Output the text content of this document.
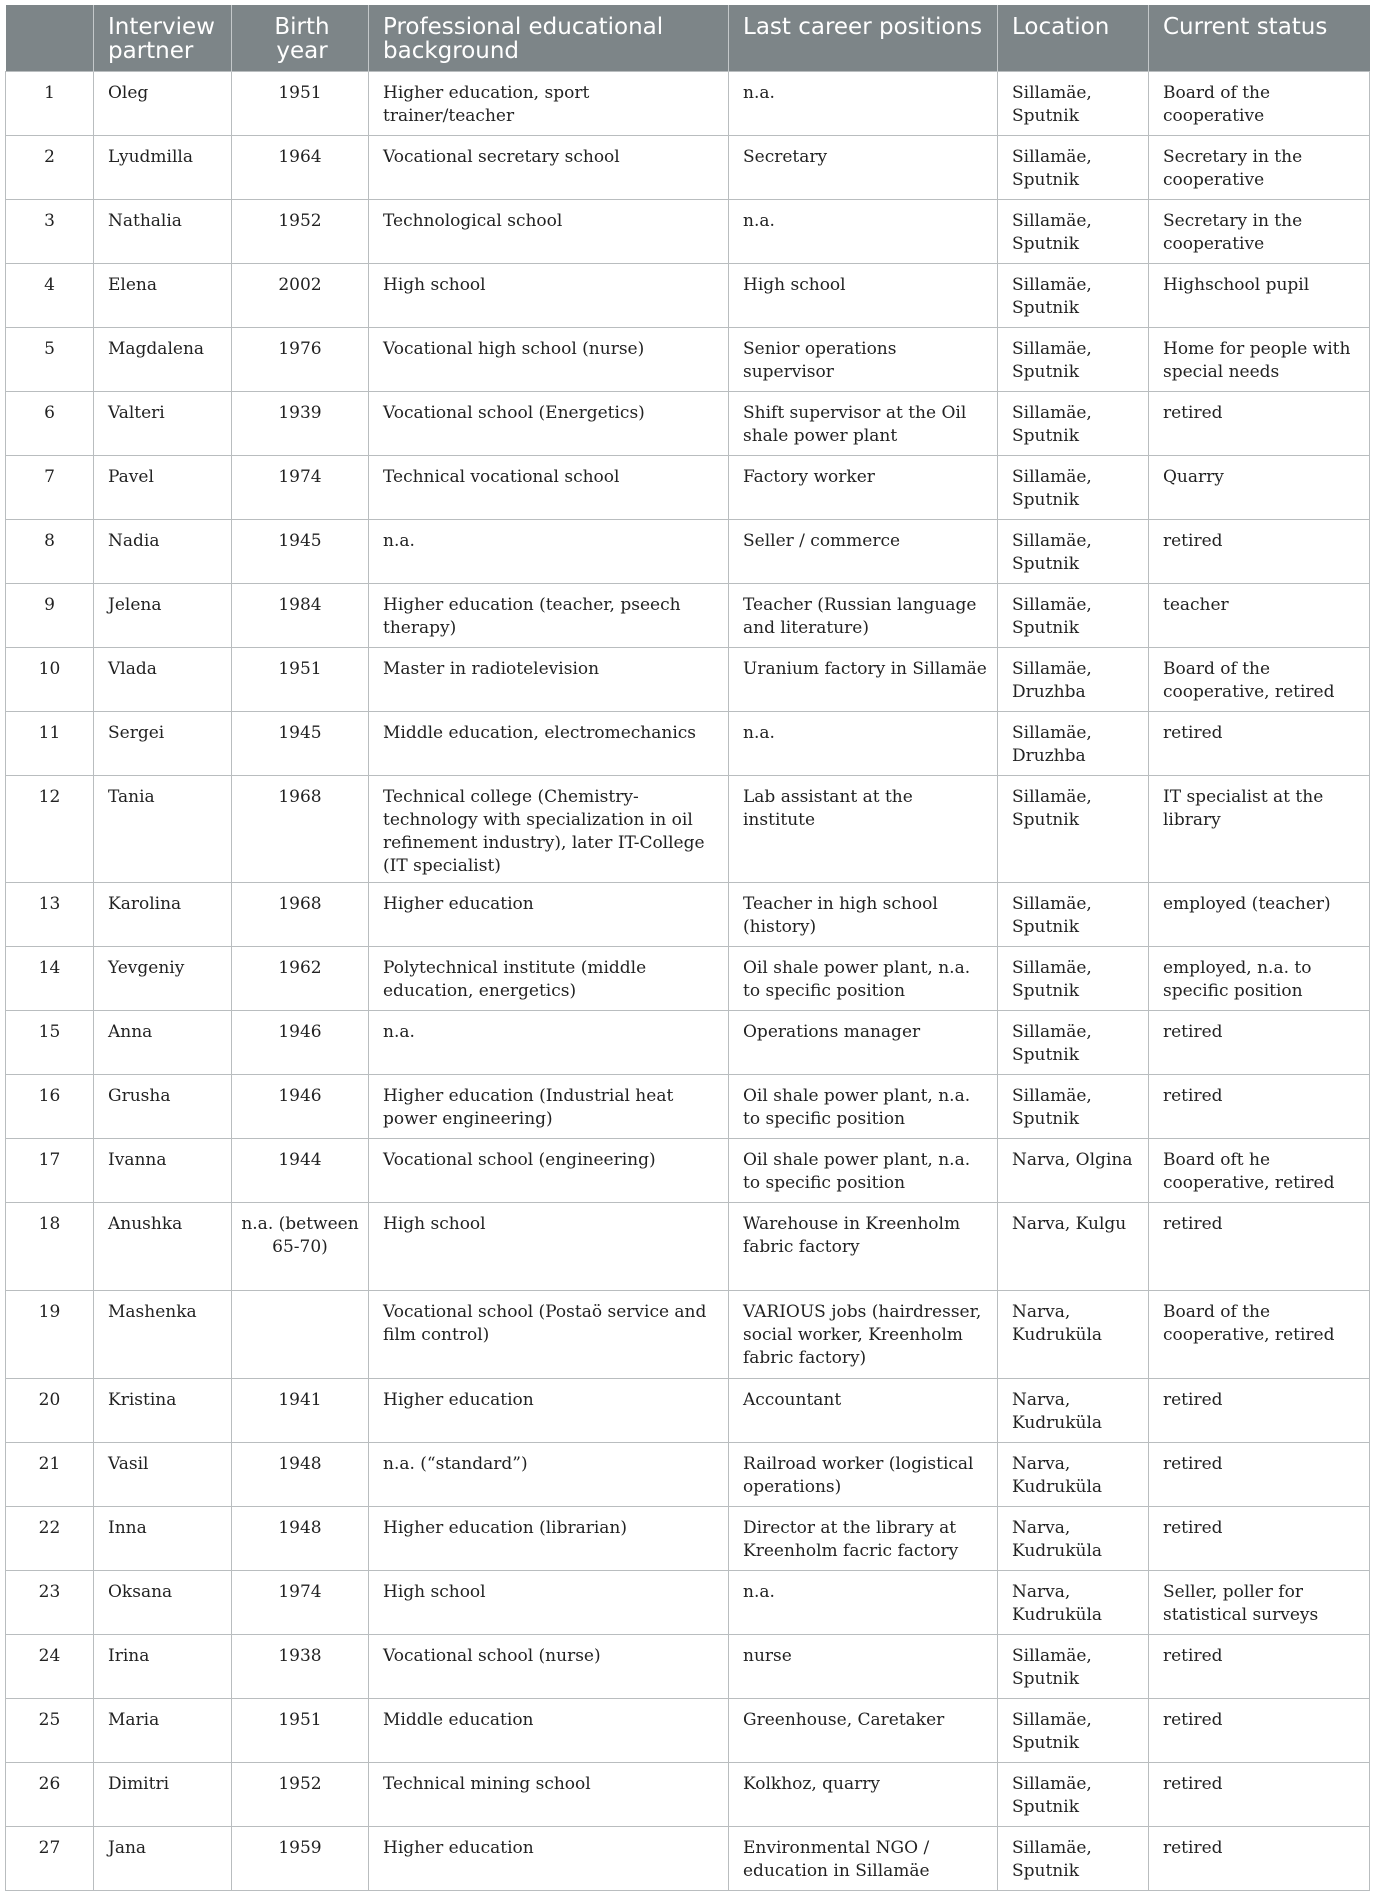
	Interview partner	Birth year	Professional educational background	Last career positions	Location	Current status
1	Oleg	1951	Higher education, sport trainer/teacher	n.a.	Sillamäe, Sputnik	Board of the cooperative
2	Lyudmilla	1964	Vocational secretary school	Secretary	Sillamäe, Sputnik	Secretary in the cooperative
3	Nathalia	1952	Technological school	n.a.	Sillamäe, Sputnik	Secretary in the cooperative
4	Elena	2002	High school	High school	Sillamäe, Sputnik	Highschool pupil
5	Magdalena	1976	Vocational high school (nurse)	Senior operations supervisor	Sillamäe, Sputnik	Home for people with special needs
6	Valteri	1939	Vocational school (Energetics)	Shift supervisor at the Oil shale power plant	Sillamäe, Sputnik	retired
7	Pavel	1974	Technical vocational school	Factory worker	Sillamäe, Sputnik	Quarry
8	Nadia	1945	n.a.	Seller / commerce	Sillamäe, Sputnik	retired
9	Jelena	1984	Higher education (teacher, pseech therapy)	Teacher (Russian language and literature)	Sillamäe, Sputnik	teacher
10	Vlada	1951	Master in radiotelevision	Uranium factory in Sillamäe	Sillamäe, Druzhba	Board of the cooperative, retired
11	Sergei	1945	Middle education, electromechanics	n.a.	Sillamäe, Druzhba	retired
12	Tania	1968	Technical college (Chemistry-technology with specialization in oil refinement industry), later IT-College (IT specialist)	Lab assistant at the institute	Sillamäe, Sputnik	IT specialist at the library
13	Karolina	1968	Higher education	Teacher in high school (history)	Sillamäe, Sputnik	employed (teacher)
14	Yevgeniy	1962	Polytechnical institute (middle education, energetics)	Oil shale power plant, n.a. to specific position	Sillamäe, Sputnik	employed, n.a. to specific position
15	Anna	1946	n.a.	Operations manager	Sillamäe, Sputnik	retired
16	Grusha	1946	Higher education (Industrial heat power engineering)	Oil shale power plant, n.a. to specific position	Sillamäe, Sputnik	retired
17	Ivanna	1944	Vocational school (engineering)	Oil shale power plant, n.a. to specific position	Narva, Olgina	Board oft he cooperative, retired
18	Anushka	n.a. (between 65-70)	High school	Warehouse in Kreenholm fabric factory	Narva, Kulgu	retired
19	Mashenka		Vocational school (Postaö service and film control)	VARIOUS jobs (hairdresser, social worker, Kreenholm fabric factory)	Narva, Kudruküla	Board of the cooperative, retired
20	Kristina	1941	Higher education	Accountant	Narva, Kudruküla	retired
21	Vasil	1948	n.a. (“standard”)	Railroad worker (logistical operations)	Narva, Kudruküla	retired
22	Inna	1948	Higher education (librarian)	Director at the library at Kreenholm facric factory	Narva, Kudruküla	retired
23	Oksana	1974	High school	n.a.	Narva, Kudruküla	Seller, poller for statistical surveys
24	Irina	1938	Vocational school (nurse)	nurse	Sillamäe, Sputnik	retired
25	Maria	1951	Middle education	Greenhouse, Caretaker	Sillamäe, Sputnik	retired
26	Dimitri	1952	Technical mining school	Kolkhoz, quarry	Sillamäe, Sputnik	retired
27	Jana	1959	Higher education	Environmental NGO / education in Sillamäe	Sillamäe, Sputnik	retired
